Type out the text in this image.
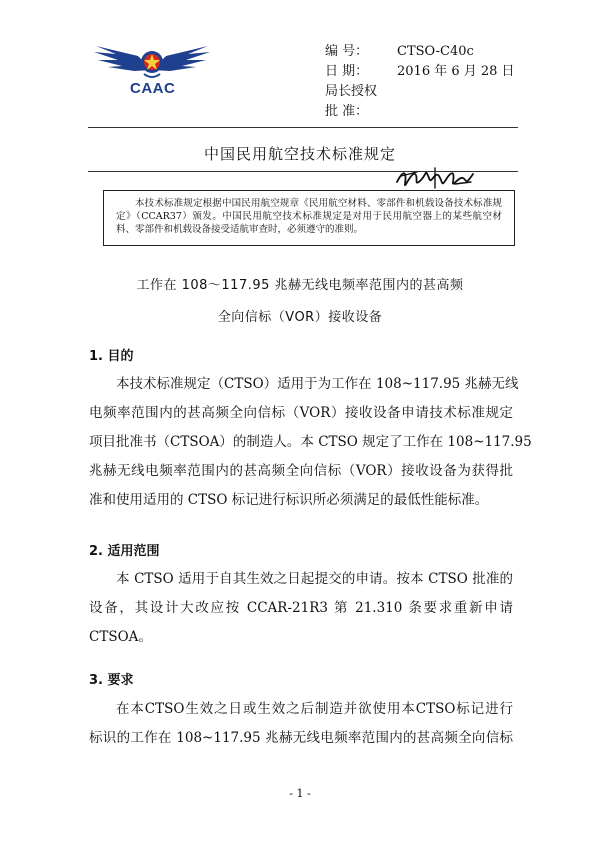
CAAC
编 号： CTSO-C40c
日 期： 2016 年 6 月 28 日
局长授权
批 准：
中国民用航空技术标准规定
本技术标准规定根据中国民用航空规章《民用航空材料、零部件和机载设备技术标准规定》（CCAR37）颁发。中国民用航空技术标准规定是对用于民用航空器上的某些航空材料、零部件和机载设备接受适航审查时，必须遵守的准则。
工作在 108～117.95 兆赫无线电频率范围内的甚高频
全向信标（VOR）接收设备
1. 目的
本技术标准规定（CTSO）适用于为工作在 108~117.95 兆赫无线
电频率范围内的甚高频全向信标（VOR）接收设备申请技术标准规定
项目批准书（CTSOA）的制造人。本 CTSO 规定了工作在 108~117.95
兆赫无线电频率范围内的甚高频全向信标（VOR）接收设备为获得批
准和使用适用的 CTSO 标记进行标识所必须满足的最低性能标准。
2. 适用范围
本 CTSO 适用于自其生效之日起提交的申请。按本 CTSO 批准的
设备，其设计大改应按 CCAR-21R3 第 21.310 条要求重新申请
CTSOA。
3. 要求
在本CTSO生效之日或生效之后制造并欲使用本CTSO标记进行
标识的工作在 108~117.95 兆赫无线电频率范围内的甚高频全向信标
- 1 -
